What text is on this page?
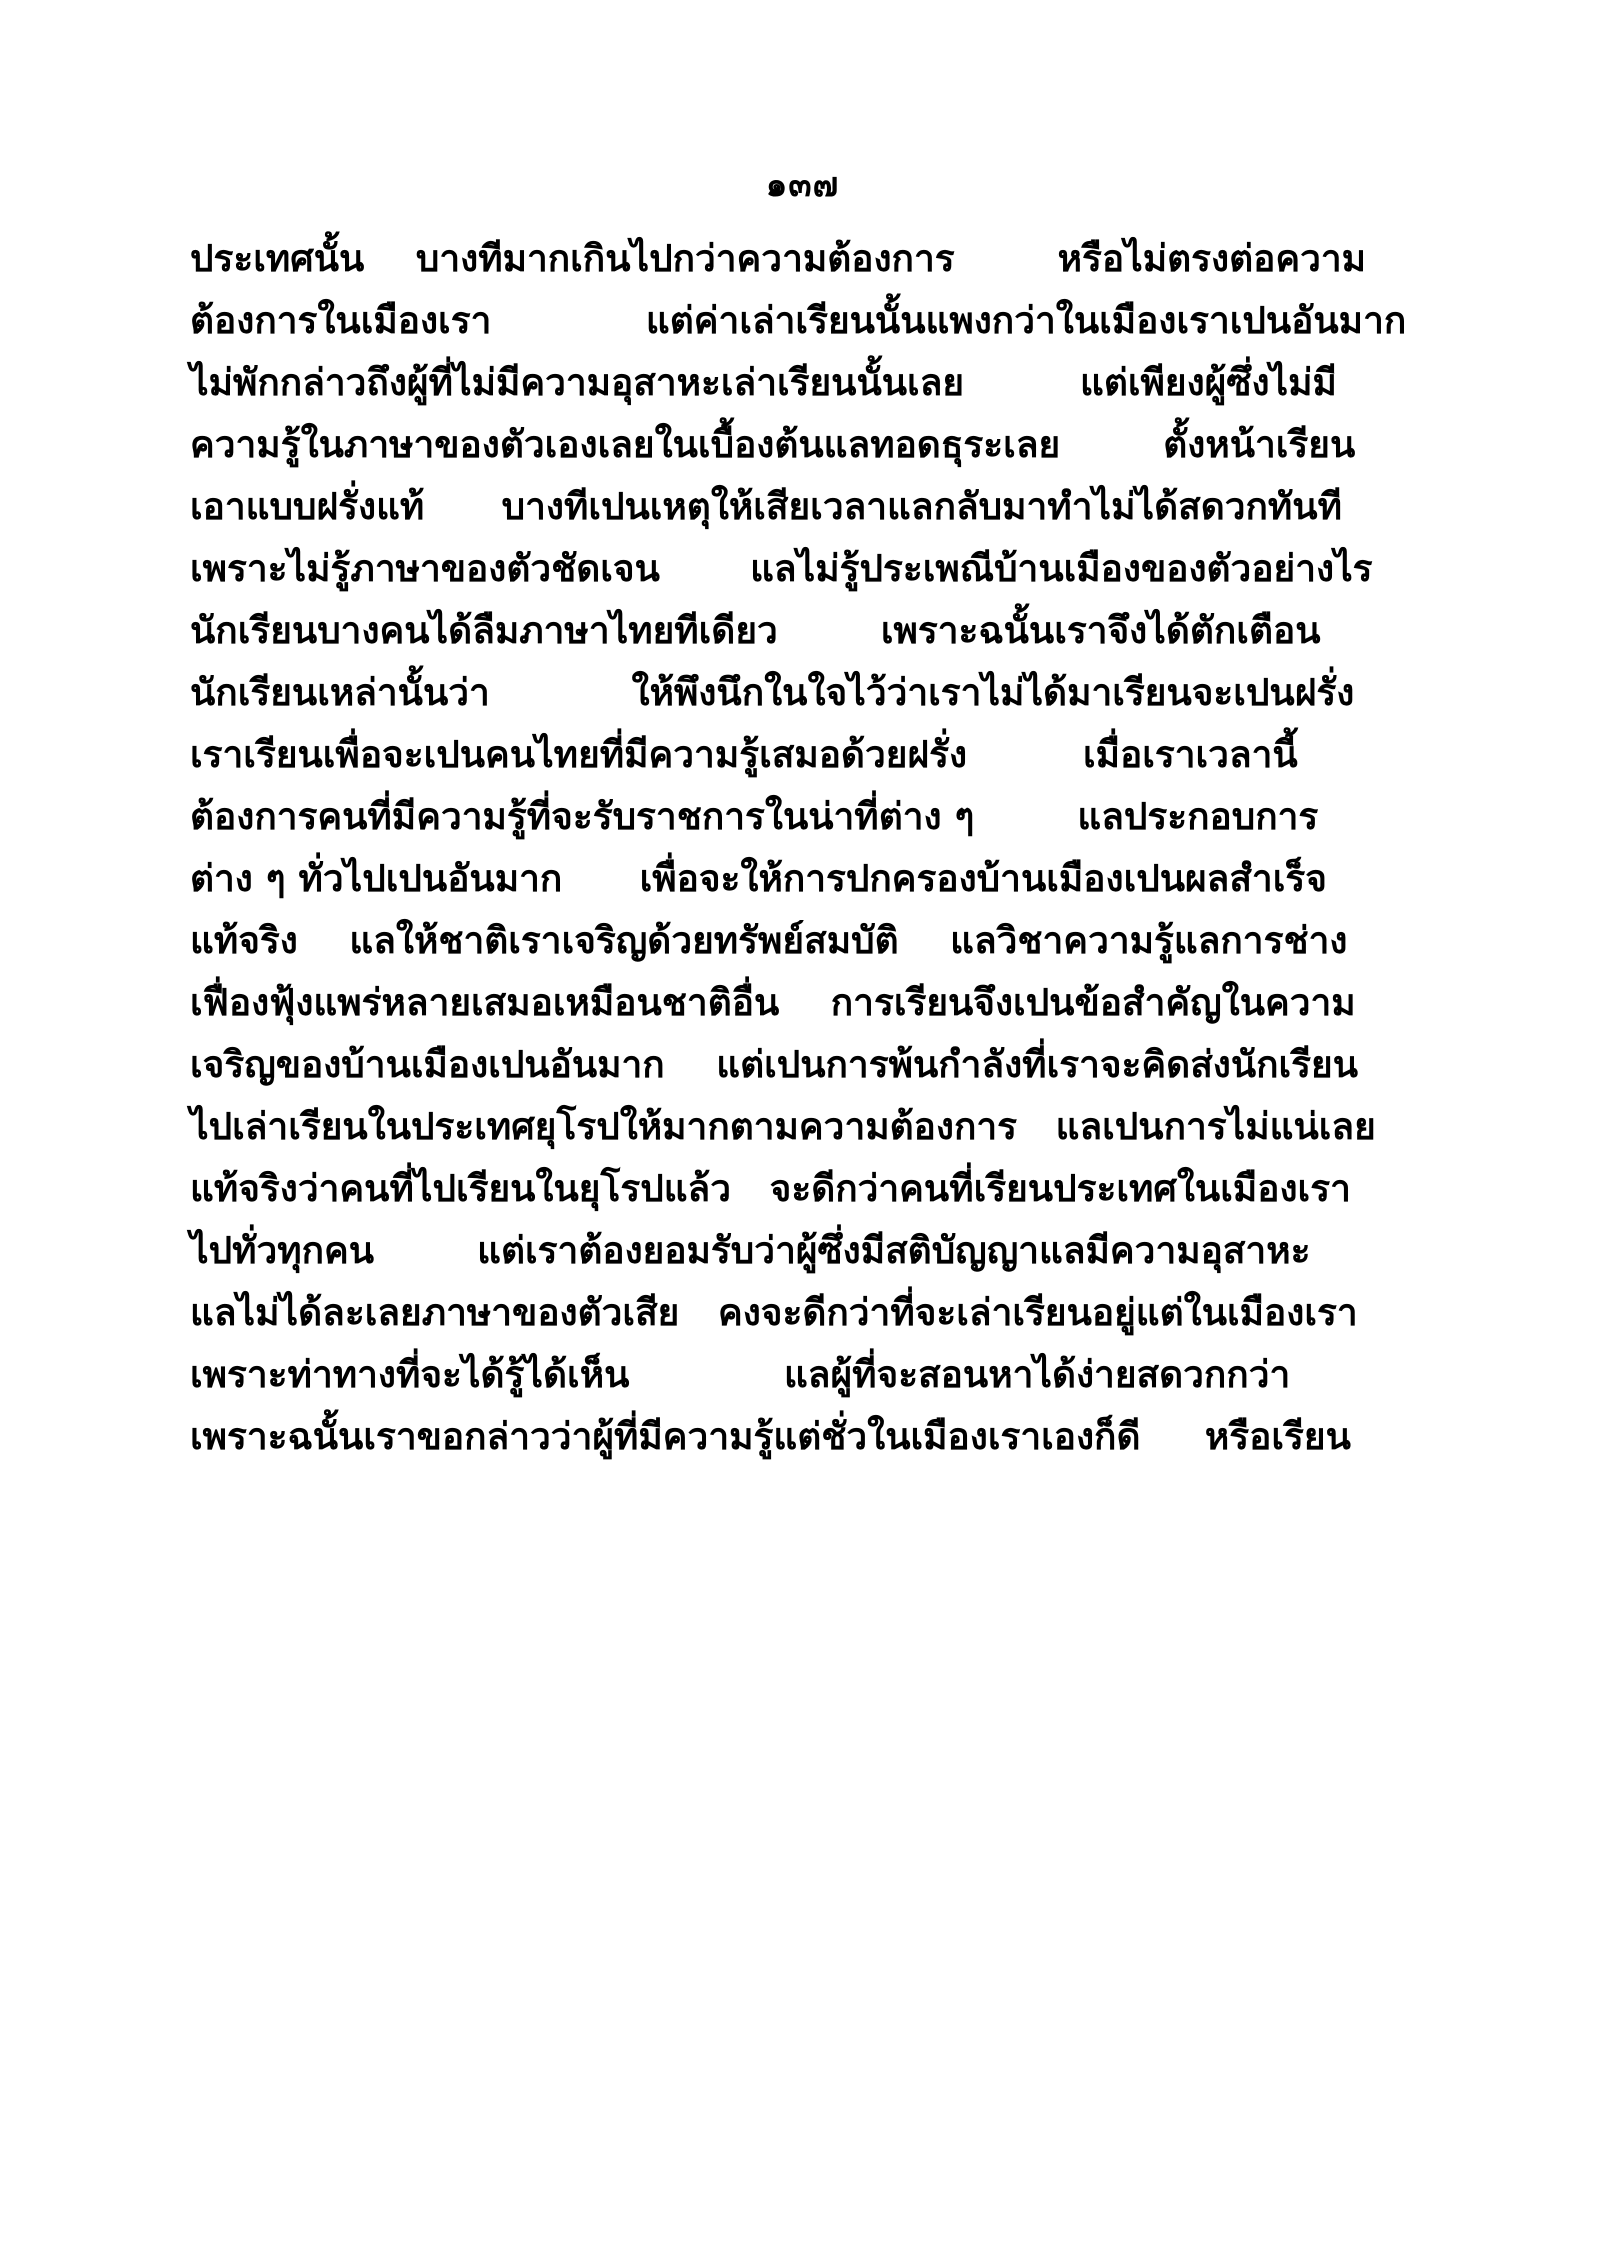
๑๓๗
ประเทศนั้น    บางทีมากเกินไปกว่าความต้องการ        หรือไม่ตรงต่อความ
ต้องการในเมืองเรา            แต่ค่าเล่าเรียนนั้นแพงกว่าในเมืองเราเปนอันมาก
ไม่พักกล่าวถึงผู้ที่ไม่มีความอุสาหะเล่าเรียนนั้นเลย         แต่เพียงผู้ซึ่งไม่มี
ความรู้ในภาษาของตัวเองเลยในเบื้องต้นแลทอดธุระเลย        ตั้งหน้าเรียน
เอาแบบฝรั่งแท้      บางทีเปนเหตุให้เสียเวลาแลกลับมาทำไม่ได้สดวกทันที
เพราะไม่รู้ภาษาของตัวชัดเจน       แลไม่รู้ประเพณีบ้านเมืองของตัวอย่างไร
นักเรียนบางคนได้ลืมภาษาไทยทีเดียว        เพราะฉนั้นเราจึงได้ตักเตือน
นักเรียนเหล่านั้นว่า           ให้พึงนึกในใจไว้ว่าเราไม่ได้มาเรียนจะเปนฝรั่ง
เราเรียนเพื่อจะเปนคนไทยที่มีความรู้เสมอด้วยฝรั่ง         เมื่อเราเวลานี้
ต้องการคนที่มีความรู้ที่จะรับราชการในน่าที่ต่าง ๆ        แลประกอบการ
ต่าง ๆ ทั่วไปเปนอันมาก      เพื่อจะให้การปกครองบ้านเมืองเปนผลสำเร็จ
แท้จริง    แลให้ชาติเราเจริญด้วยทรัพย์สมบัติ    แลวิชาความรู้แลการช่าง
เฟื่องฟุ้งแพร่หลายเสมอเหมือนชาติอื่น    การเรียนจึงเปนข้อสำคัญในความ
เจริญของบ้านเมืองเปนอันมาก    แต่เปนการพ้นกำลังที่เราจะคิดส่งนักเรียน
ไปเล่าเรียนในประเทศยุโรปให้มากตามความต้องการ   แลเปนการไม่แน่เลย
แท้จริงว่าคนที่ไปเรียนในยุโรปแล้ว   จะดีกว่าคนที่เรียนประเทศในเมืองเรา
ไปทั่วทุกคน        แต่เราต้องยอมรับว่าผู้ซึ่งมีสติบัญญาแลมีความอุสาหะ
แลไม่ได้ละเลยภาษาของตัวเสีย   คงจะดีกว่าที่จะเล่าเรียนอยู่แต่ในเมืองเรา
เพราะท่าทางที่จะได้รู้ได้เห็น            แลผู้ที่จะสอนหาได้ง่ายสดวกกว่า
เพราะฉนั้นเราขอกล่าวว่าผู้ที่มีความรู้แต่ชั่วในเมืองเราเองก็ดี     หรือเรียน
